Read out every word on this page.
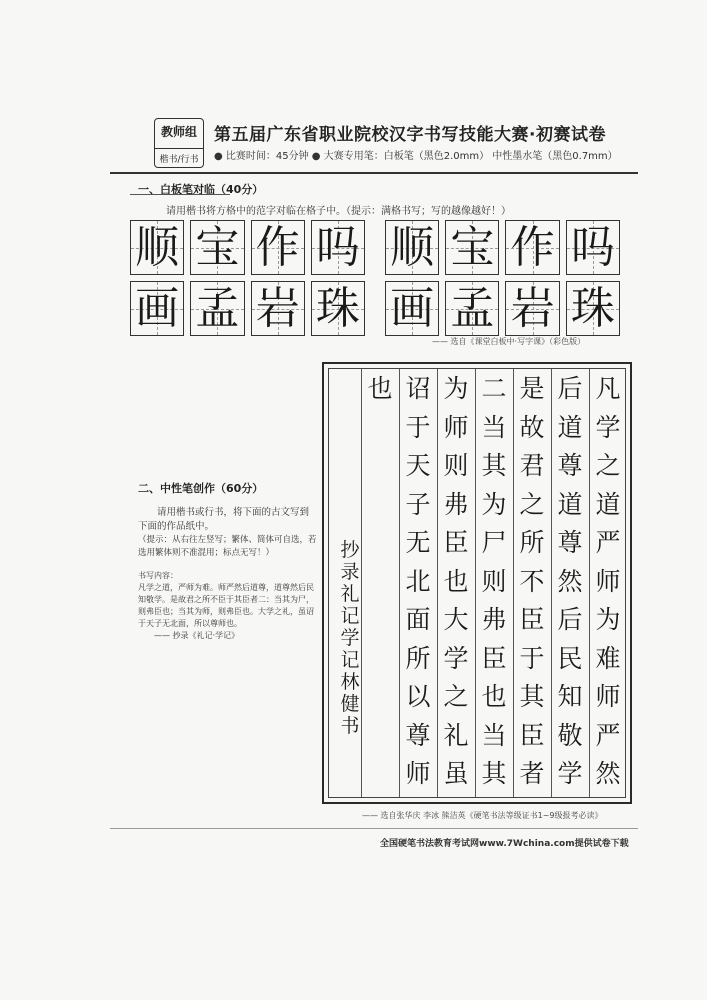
教师组
楷书/行书
第五届广东省职业院校汉字书写技能大赛·初赛试卷
● 比赛时间：45分钟 ● 大赛专用笔：白板笔（黑色2.0mm） 中性墨水笔（黑色0.7mm）
一、白板笔对临（40分）
请用楷书将方格中的范字对临在格子中。（提示：满格书写；写的越像越好！）
顺 宝 作 吗 顺 宝 作 吗
画 孟 岩 珠 画 孟 岩 珠
—— 选自《课堂白板中·写字课》（彩色版）

二、中性笔创作（60分）

请用楷书或行书，将下面的古文写到下面的作品纸中。

（提示：从右往左竖写；繁体、简体可自选，若选用繁体则不准混用；标点无写！）

书写内容：

凡学之道，严师为难。师严然后道尊，道尊然后民知敬学。是故君之所不臣于其臣者二：当其为尸，则弗臣也；当其为师，则弗臣也。大学之礼，虽诏于天子无北面，所以尊师也。

—— 抄录《礼记·学记》

抄录礼记学记林健书
凡
学
之
道
严
师
为
难
师
严
然
后
道
尊
道
尊
然
后
民
知
敬
学
是
故
君
之
所
不
臣
于
其
臣
者
二
当
其
为
尸
则
弗
臣
也
当
其
为
师
则
弗
臣
也
大
学
之
礼
虽
诏
于
天
子
无
北
面
所
以
尊
师
也
—— 选自张华庆 李冰 熊洁英《硬笔书法等级证书1~9级报考必读》
全国硬笔书法教育考试网www.7Wchina.com提供试卷下载
